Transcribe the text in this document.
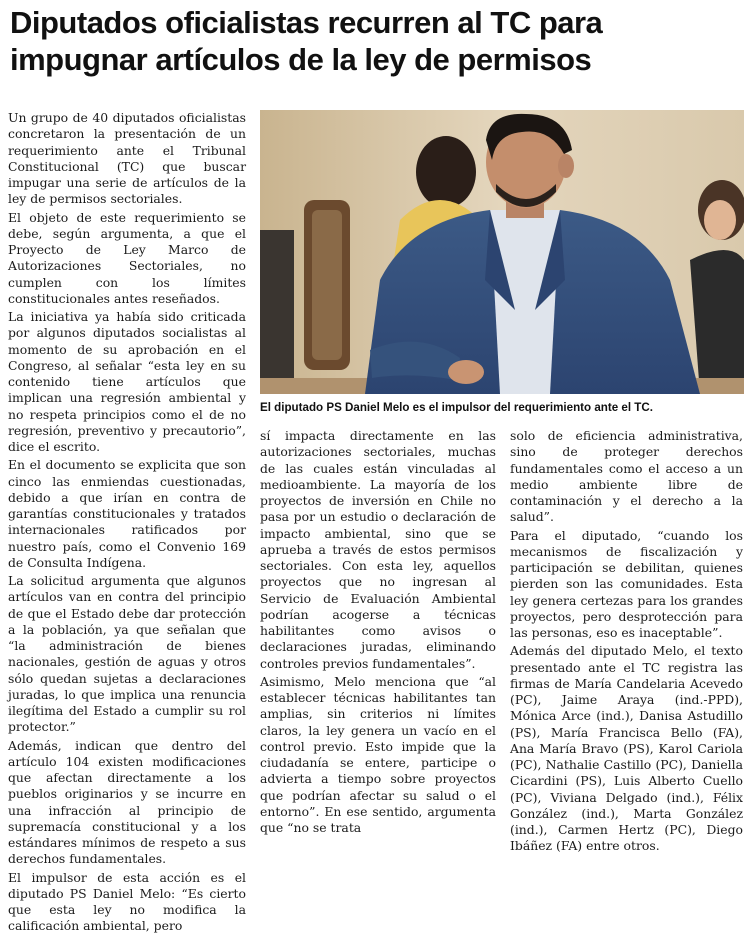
Diputados oficialistas recurren al TC para
impugnar artículos de la ley de permisos

Un grupo de 40 diputados oficialistas concretaron la presentación de un requerimiento ante el Tribunal Constitucional (TC) que buscar impugar una serie de artículos de la ley de permisos sectoriales.

El objeto de este requerimiento se debe, según argumenta, a que el Proyecto de Ley Marco de Autorizaciones Sectoriales, no cumplen con los límites constitucionales antes reseñados.

La iniciativa ya había sido criticada por algunos diputados socialistas al momento de su aprobación en el Congreso, al señalar “esta ley en su contenido tiene artículos que implican una regresión ambiental y no respeta principios como el de no regresión, preventivo y precautorio”, dice el escrito.

En el documento se explicita que son cinco las enmiendas cuestionadas, debido a que irían en contra de garantías constitucionales y tratados internacionales ratificados por nuestro país, como el Convenio 169 de Consulta Indígena.

La solicitud argumenta que algunos artículos van en contra del principio de que el Estado debe dar protección a la población, ya que señalan que “la administración de bienes nacionales, gestión de aguas y otros sólo quedan sujetas a declaraciones juradas, lo que implica una renuncia ilegítima del Estado a cumplir su rol protector.”

Además, indican que dentro del artículo 104 existen modificaciones que afectan directamente a los pueblos originarios y se incurre en una infracción al principio de supremacía constitucional y a los estándares mínimos de respeto a sus derechos fundamentales.

El impulsor de esta acción es el diputado PS Daniel Melo: “Es cierto que esta ley no modifica la calificación ambiental, pero

El diputado PS Daniel Melo es el impulsor del requerimiento ante el TC.

sí impacta directamente en las autorizaciones sectoriales, muchas de las cuales están vinculadas al medioambiente. La mayoría de los proyectos de inversión en Chile no pasa por un estudio o declaración de impacto ambiental, sino que se aprueba a través de estos permisos sectoriales. Con esta ley, aquellos proyectos que no ingresan al Servicio de Evaluación Ambiental podrían acogerse a técnicas habilitantes como avisos o declaraciones juradas, eliminando controles previos fundamentales”.

Asimismo, Melo menciona que “al establecer técnicas habilitantes tan amplias, sin criterios ni límites claros, la ley genera un vacío en el control previo. Esto impide que la ciudadanía se entere, participe o advierta a tiempo sobre proyectos que podrían afectar su salud o el entorno”. En ese sentido, argumenta que “no se trata

solo de eficiencia administrativa, sino de proteger derechos fundamentales como el acceso a un medio ambiente libre de contaminación y el derecho a la salud”.

Para el diputado, “cuando los mecanismos de fiscalización y participación se debilitan, quienes pierden son las comunidades. Esta ley genera certezas para los grandes proyectos, pero desprotección para las personas, eso es inaceptable”.

Además del diputado Melo, el texto presentado ante el TC registra las firmas de María Candelaria Acevedo (PC), Jaime Araya (ind.-PPD), Mónica Arce (ind.), Danisa Astudillo (PS), María Francisca Bello (FA), Ana María Bravo (PS), Karol Cariola (PC), Nathalie Castillo (PC), Daniella Cicardini (PS), Luis Alberto Cuello (PC), Viviana Delgado (ind.), Félix González (ind.), Marta González (ind.), Carmen Hertz (PC), Diego Ibáñez (FA) entre otros.
